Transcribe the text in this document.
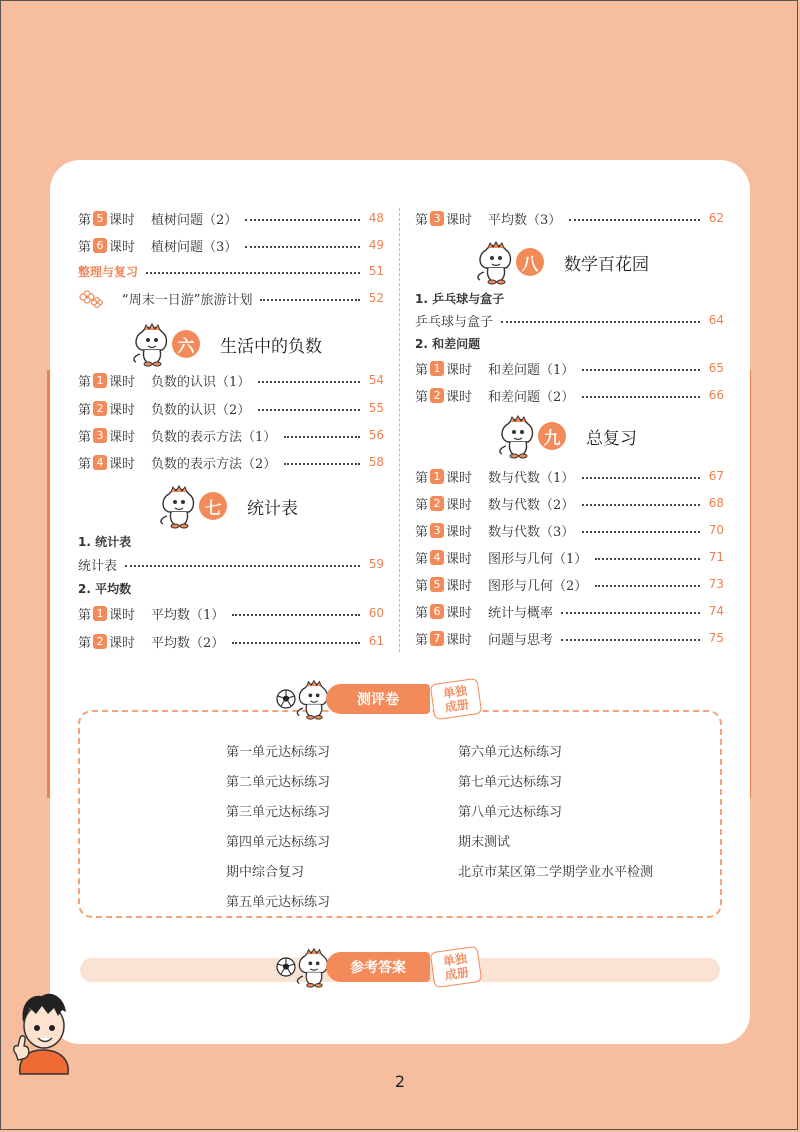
第 5 课时 植树问题（2）	48
第 6 课时 植树问题（3）	49
整理与复习	51
“周末一日游”旅游计划	52
六	生活中的负数
第 1 课时 负数的认识（1）	54
第 2 课时 负数的认识（2）	55
第 3 课时 负数的表示方法（1）	56
第 4 课时 负数的表示方法（2）	58
七	统计表
1. 统计表
统计表	59
2. 平均数
第 1 课时 平均数（1）	60
第 2 课时 平均数（2）	61
第 3 课时 平均数（3）	62
八	数学百花园
1. 乒乓球与盒子
乒乓球与盒子	64
2. 和差问题
第 1 课时 和差问题（1）	65
第 2 课时 和差问题（2）	66
九	总复习
第 1 课时 数与代数（1）	67
第 2 课时 数与代数（2）	68
第 3 课时 数与代数（3）	70
第 4 课时 图形与几何（1）	71
第 5 课时 图形与几何（2）	73
第 6 课时 统计与概率	74
第 7 课时 问题与思考	75
第一单元达标练习
第二单元达标练习
第三单元达标练习
第四单元达标练习
期中综合复习
第五单元达标练习
第六单元达标练习
第七单元达标练习
第八单元达标练习
期末测试
北京市某区第二学期学业水平检测
测评卷	单独
成册
参考答案	单独
成册
2
